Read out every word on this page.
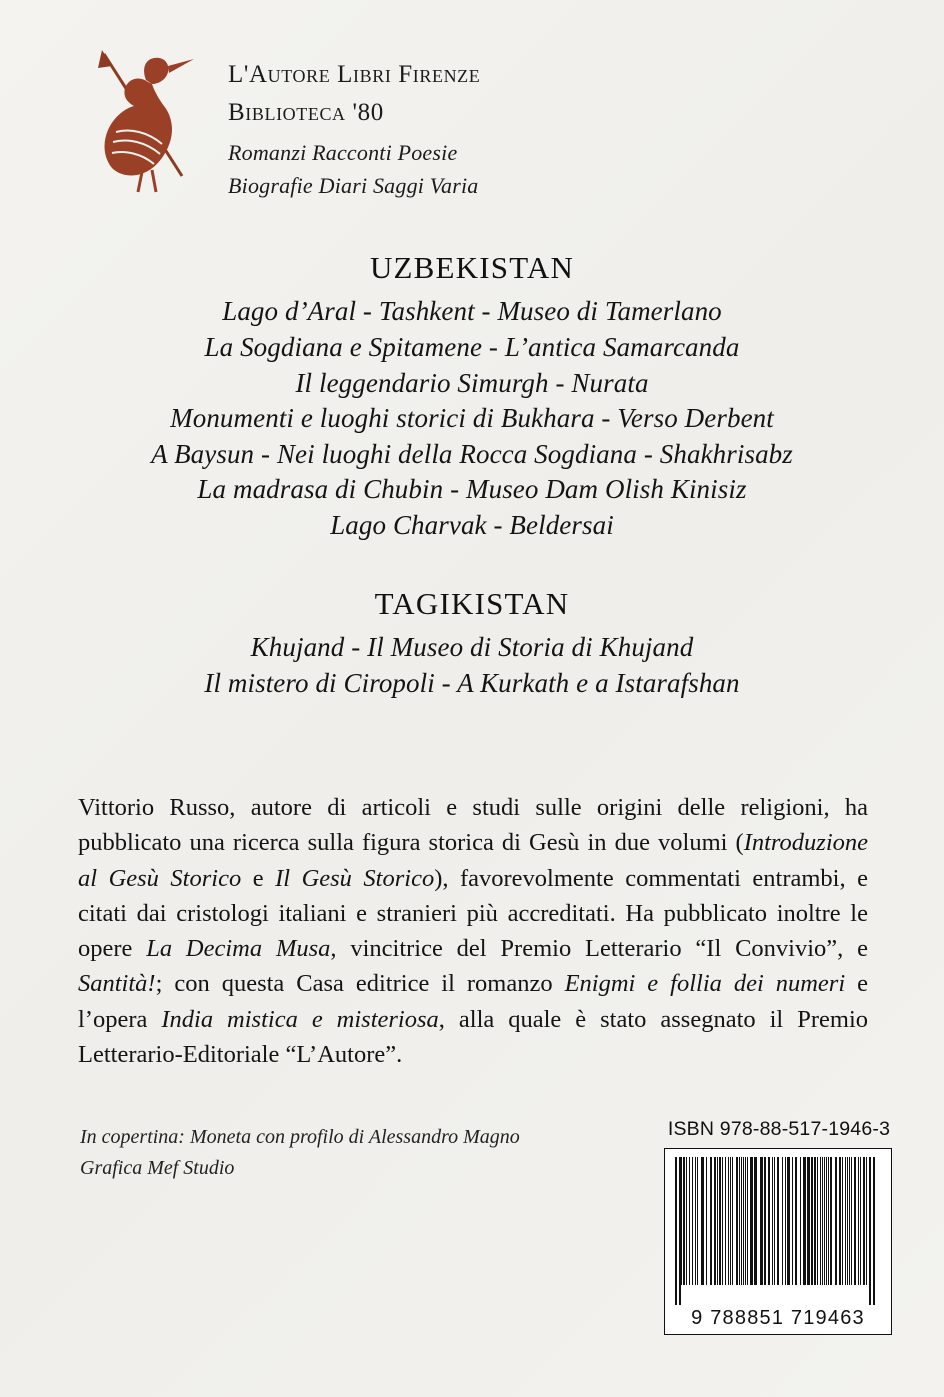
L'Autore Libri Firenze
Biblioteca '80
Romanzi Racconti Poesie
Biografie Diari Saggi Varia
UZBEKISTAN
Lago d’Aral - Tashkent - Museo di Tamerlano
La Sogdiana e Spitamene - L’antica Samarcanda
Il leggendario Simurgh - Nurata
Monumenti e luoghi storici di Bukhara - Verso Derbent
A Baysun - Nei luoghi della Rocca Sogdiana - Shakhrisabz
La madrasa di Chubin - Museo Dam Olish Kinisiz
Lago Charvak - Beldersai
TAGIKISTAN
Khujand - Il Museo di Storia di Khujand
Il mistero di Ciropoli - A Kurkath e a Istarafshan
Vittorio Russo, autore di articoli e studi sulle origini delle religioni, ha pubblicato una ricerca sulla figura storica di Gesù in due volumi (Introduzione al Gesù Storico e Il Gesù Storico), favorevolmente commentati entrambi, e citati dai cristologi italiani e stranieri più accreditati. Ha pubblicato inoltre le opere La Decima Musa, vincitrice del Premio Letterario “Il Convivio”, e Santità!; con questa Casa editrice il romanzo Enigmi e follia dei numeri e l’opera India mistica e misteriosa, alla quale è stato assegnato il Premio Letterario-Editoriale “L’Autore”.
In copertina: Moneta con profilo di Alessandro Magno
Grafica Mef Studio
ISBN 978-88-517-1946-3
9 788851 719463
